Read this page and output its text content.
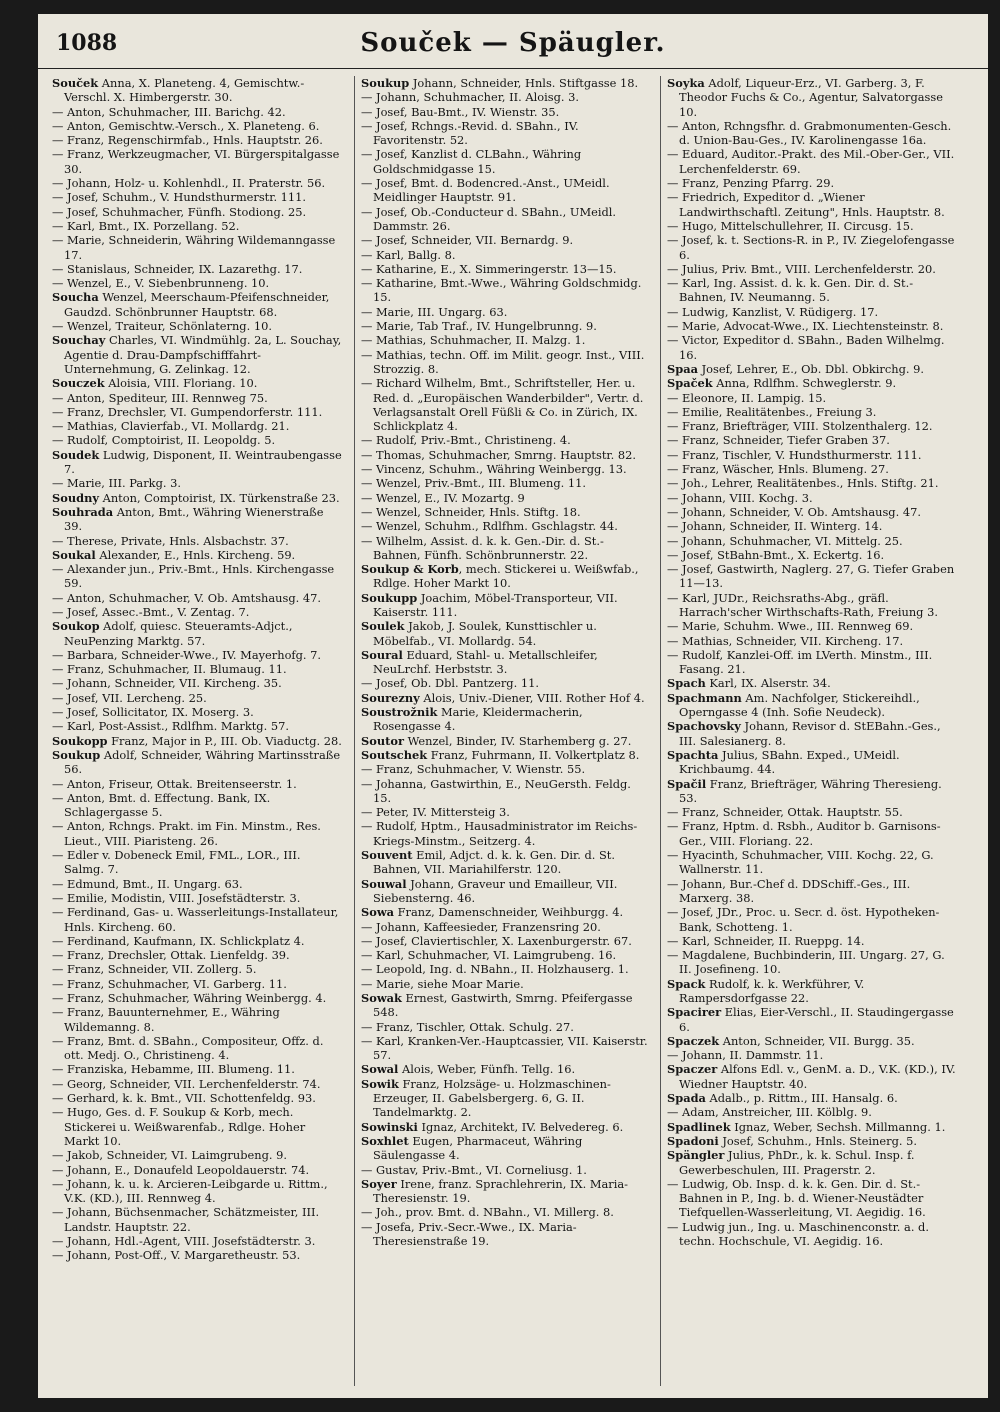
1088	Souček — Späugler.
Souček Anna, X. Planeteng. 4, Gemischtw.-Verschl. X. Himbergerstr. 30.
— Anton, Schuhmacher, III. Barichg. 42.
— Anton, Gemischtw.-Versch., X. Planeteng. 6.
— Franz, Regenschirmfab., Hnls. Hauptstr. 26.
— Franz, Werkzeugmacher, VI. Bürgerspitalgasse 30.
— Johann, Holz- u. Kohlenhdl., II. Praterstr. 56.
— Josef, Schuhm., V. Hundsthurmerstr. 111.
— Josef, Schuhmacher, Fünfh. Stodiong. 25.
— Karl, Bmt., IX. Porzellang. 52.
— Marie, Schneiderin, Währing Wildemanngasse 17.
— Stanislaus, Schneider, IX. Lazarethg. 17.
— Wenzel, E., V. Siebenbrunneng. 10.
Soucha Wenzel, Meerschaum-Pfeifenschneider, Gaudzd. Schönbrunner Hauptstr. 68.
— Wenzel, Traiteur, Schönlaterng. 10.
Souchay Charles, VI. Windmühlg. 2a, L. Souchay, Agentie d. Drau-Dampfschifffahrt-Unternehmung, G. Zelinkag. 12.
Souczek Aloisia, VIII. Floriang. 10.
— Anton, Spediteur, III. Rennweg 75.
— Franz, Drechsler, VI. Gumpendorferstr. 111.
— Mathias, Clavierfab., VI. Mollardg. 21.
— Rudolf, Comptoirist, II. Leopoldg. 5.
Soudek Ludwig, Disponent, II. Weintraubengasse 7.
— Marie, III. Parkg. 3.
Soudny Anton, Comptoirist, IX. Türkenstraße 23.
Souhrada Anton, Bmt., Währing Wienerstraße 39.
— Therese, Private, Hnls. Alsbachstr. 37.
Soukal Alexander, E., Hnls. Kircheng. 59.
— Alexander jun., Priv.-Bmt., Hnls. Kirchengasse 59.
— Anton, Schuhmacher, V. Ob. Amtshausg. 47.
— Josef, Assec.-Bmt., V. Zentag. 7.
Soukop Adolf, quiesc. Steueramts-Adjct., NeuPenzing Marktg. 57.
— Barbara, Schneider-Wwe., IV. Mayerhofg. 7.
— Franz, Schuhmacher, II. Blumaug. 11.
— Johann, Schneider, VII. Kircheng. 35.
— Josef, VII. Lercheng. 25.
— Josef, Sollicitator, IX. Moserg. 3.
— Karl, Post-Assist., Rdlfhm. Marktg. 57.
Soukopp Franz, Major in P., III. Ob. Viaductg. 28.
Soukup Adolf, Schneider, Währing Martinsstraße 56.
— Anton, Friseur, Ottak. Breitenseerstr. 1.
— Anton, Bmt. d. Effectung. Bank, IX. Schlagergasse 5.
— Anton, Rchngs. Prakt. im Fin. Minstm., Res. Lieut., VIII. Piaristeng. 26.
— Edler v. Dobeneck Emil, FML., LOR., III. Salmg. 7.
— Edmund, Bmt., II. Ungarg. 63.
— Emilie, Modistin, VIII. Josefstädterstr. 3.
— Ferdinand, Gas- u. Wasserleitungs-Installateur, Hnls. Kircheng. 60.
— Ferdinand, Kaufmann, IX. Schlickplatz 4.
— Franz, Drechsler, Ottak. Lienfeldg. 39.
— Franz, Schneider, VII. Zollerg. 5.
— Franz, Schuhmacher, VI. Garberg. 11.
— Franz, Schuhmacher, Währing Weinbergg. 4.
— Franz, Bauunternehmer, E., Währing Wildemanng. 8.
— Franz, Bmt. d. SBahn., Compositeur, Offz. d. ott. Medj. O., Christineng. 4.
— Franziska, Hebamme, III. Blumeng. 11.
— Georg, Schneider, VII. Lerchenfelderstr. 74.
— Gerhard, k. k. Bmt., VII. Schottenfeldg. 93.
— Hugo, Ges. d. F. Soukup & Korb, mech. Stickerei u. Weißwarenfab., Rdlge. Hoher Markt 10.
— Jakob, Schneider, VI. Laimgrubeng. 9.
— Johann, E., Donaufeld Leopoldauerstr. 74.
— Johann, k. u. k. Arcieren-Leibgarde u. Rittm., V.K. (KD.), III. Rennweg 4.
— Johann, Büchsenmacher, Schätzmeister, III. Landstr. Hauptstr. 22.
— Johann, Hdl.-Agent, VIII. Josefstädterstr. 3.
— Johann, Post-Off., V. Margaretheustr. 53.
Soukup Johann, Schneider, Hnls. Stiftgasse 18.
— Johann, Schuhmacher, II. Aloisg. 3.
— Josef, Bau-Bmt., IV. Wienstr. 35.
— Josef, Rchngs.-Revid. d. SBahn., IV. Favoritenstr. 52.
— Josef, Kanzlist d. CLBahn., Währing Goldschmidgasse 15.
— Josef, Bmt. d. Bodencred.-Anst., UMeidl. Meidlinger Hauptstr. 91.
— Josef, Ob.-Conducteur d. SBahn., UMeidl. Dammstr. 26.
— Josef, Schneider, VII. Bernardg. 9.
— Karl, Ballg. 8.
— Katharine, E., X. Simmeringerstr. 13—15.
— Katharine, Bmt.-Wwe., Währing Goldschmidg. 15.
— Marie, III. Ungarg. 63.
— Marie, Tab Traf., IV. Hungelbrunng. 9.
— Mathias, Schuhmacher, II. Malzg. 1.
— Mathias, techn. Off. im Milit. geogr. Inst., VIII. Strozzig. 8.
— Richard Wilhelm, Bmt., Schriftsteller, Her. u. Red. d. „Europäischen Wanderbilder", Vertr. d. Verlagsanstalt Orell Füßli & Co. in Zürich, IX. Schlickplatz 4.
— Rudolf, Priv.-Bmt., Christineng. 4.
— Thomas, Schuhmacher, Smrng. Hauptstr. 82.
— Vincenz, Schuhm., Währing Weinbergg. 13.
— Wenzel, Priv.-Bmt., III. Blumeng. 11.
— Wenzel, E., IV. Mozartg. 9
— Wenzel, Schneider, Hnls. Stiftg. 18.
— Wenzel, Schuhm., Rdlfhm. Gschlagstr. 44.
— Wilhelm, Assist. d. k. k. Gen.-Dir. d. St.-Bahnen, Fünfh. Schönbrunnerstr. 22.
Soukup & Korb, mech. Stickerei u. Weißwfab., Rdlge. Hoher Markt 10.
Soukupp Joachim, Möbel-Transporteur, VII. Kaiserstr. 111.
Soulek Jakob, J. Soulek, Kunsttischler u. Möbelfab., VI. Mollardg. 54.
Soural Eduard, Stahl- u. Metallschleifer, NeuLrchf. Herbststr. 3.
— Josef, Ob. Dbl. Pantzerg. 11.
Sourezny Alois, Univ.-Diener, VIII. Rother Hof 4.
Soustrožnik Marie, Kleidermacherin, Rosengasse 4.
Soutor Wenzel, Binder, IV. Starhemberg g. 27.
Soutschek Franz, Fuhrmann, II. Volkertplatz 8.
— Franz, Schuhmacher, V. Wienstr. 55.
— Johanna, Gastwirthin, E., NeuGersth. Feldg. 15.
— Peter, IV. Mittersteig 3.
— Rudolf, Hptm., Hausadministrator im Reichs-Kriegs-Minstm., Seitzerg. 4.
Souvent Emil, Adjct. d. k. k. Gen. Dir. d. St. Bahnen, VII. Mariahilferstr. 120.
Souwal Johann, Graveur und Emailleur, VII. Siebensterng. 46.
Sowa Franz, Damenschneider, Weihburgg. 4.
— Johann, Kaffeesieder, Franzensring 20.
— Josef, Claviertischler, X. Laxenburgerstr. 67.
— Karl, Schuhmacher, VI. Laimgrubeng. 16.
— Leopold, Ing. d. NBahn., II. Holzhauserg. 1.
— Marie, siehe Moar Marie.
Sowak Ernest, Gastwirth, Smrng. Pfeifergasse 548.
— Franz, Tischler, Ottak. Schulg. 27.
— Karl, Kranken-Ver.-Hauptcassier, VII. Kaiserstr. 57.
Sowal Alois, Weber, Fünfh. Tellg. 16.
Sowik Franz, Holzsäge- u. Holzmaschinen-Erzeuger, II. Gabelsbergerg. 6, G. II. Tandelmarktg. 2.
Sowinski Ignaz, Architekt, IV. Belvedereg. 6.
Soxhlet Eugen, Pharmaceut, Währing Säulengasse 4.
— Gustav, Priv.-Bmt., VI. Corneliusg. 1.
Soyer Irene, franz. Sprachlehrerin, IX. Maria-Theresienstr. 19.
— Joh., prov. Bmt. d. NBahn., VI. Millerg. 8.
— Josefa, Priv.-Secr.-Wwe., IX. Maria-Theresienstraße 19.
Soyka Adolf, Liqueur-Erz., VI. Garberg. 3, F. Theodor Fuchs & Co., Agentur, Salvatorgasse 10.
— Anton, Rchngsfhr. d. Grabmonumenten-Gesch. d. Union-Bau-Ges., IV. Karolinengasse 16a.
— Eduard, Auditor.-Prakt. des Mil.-Ober-Ger., VII. Lerchenfelderstr. 69.
— Franz, Penzing Pfarrg. 29.
— Friedrich, Expeditor d. „Wiener Landwirthschaftl. Zeitung", Hnls. Hauptstr. 8.
— Hugo, Mittelschullehrer, II. Circusg. 15.
— Josef, k. t. Sections-R. in P., IV. Ziegelofengasse 6.
— Julius, Priv. Bmt., VIII. Lerchenfelderstr. 20.
— Karl, Ing. Assist. d. k. k. Gen. Dir. d. St.-Bahnen, IV. Neumanng. 5.
— Ludwig, Kanzlist, V. Rüdigerg. 17.
— Marie, Advocat-Wwe., IX. Liechtensteinstr. 8.
— Victor, Expeditor d. SBahn., Baden Wilhelmg. 16.
Spaa Josef, Lehrer, E., Ob. Dbl. Obkirchg. 9.
Spaček Anna, Rdlfhm. Schweglerstr. 9.
— Eleonore, II. Lampig. 15.
— Emilie, Realitätenbes., Freiung 3.
— Franz, Briefträger, VIII. Stolzenthalerg. 12.
— Franz, Schneider, Tiefer Graben 37.
— Franz, Tischler, V. Hundsthurmerstr. 111.
— Franz, Wäscher, Hnls. Blumeng. 27.
— Joh., Lehrer, Realitätenbes., Hnls. Stiftg. 21.
— Johann, VIII. Kochg. 3.
— Johann, Schneider, V. Ob. Amtshausg. 47.
— Johann, Schneider, II. Winterg. 14.
— Johann, Schuhmacher, VI. Mittelg. 25.
— Josef, StBahn-Bmt., X. Eckertg. 16.
— Josef, Gastwirth, Naglerg. 27, G. Tiefer Graben 11—13.
— Karl, JUDr., Reichsraths-Abg., gräfl. Harrach'scher Wirthschafts-Rath, Freiung 3.
— Marie, Schuhm. Wwe., III. Rennweg 69.
— Mathias, Schneider, VII. Kircheng. 17.
— Rudolf, Kanzlei-Off. im LVerth. Minstm., III. Fasang. 21.
Spach Karl, IX. Alserstr. 34.
Spachmann Am. Nachfolger, Stickereihdl., Operngasse 4 (Inh. Sofie Neudeck).
Spachovsky Johann, Revisor d. StEBahn.-Ges., III. Salesianerg. 8.
Spachta Julius, SBahn. Exped., UMeidl. Krichbaumg. 44.
Spačil Franz, Briefträger, Währing Theresieng. 53.
— Franz, Schneider, Ottak. Hauptstr. 55.
— Franz, Hptm. d. Rsbh., Auditor b. Garnisons-Ger., VIII. Floriang. 22.
— Hyacinth, Schuhmacher, VIII. Kochg. 22, G. Wallnerstr. 11.
— Johann, Bur.-Chef d. DDSchiff.-Ges., III. Marxerg. 38.
— Josef, JDr., Proc. u. Secr. d. öst. Hypotheken-Bank, Schotteng. 1.
— Karl, Schneider, II. Rueppg. 14.
— Magdalene, Buchbinderin, III. Ungarg. 27, G. II. Josefineng. 10.
Spack Rudolf, k. k. Werkführer, V. Rampersdorfgasse 22.
Spacirer Elias, Eier-Verschl., II. Staudingergasse 6.
Spaczek Anton, Schneider, VII. Burgg. 35.
— Johann, II. Dammstr. 11.
Spaczer Alfons Edl. v., GenM. a. D., V.K. (KD.), IV. Wiedner Hauptstr. 40.
Spada Adalb., p. Rittm., III. Hansalg. 6.
— Adam, Anstreicher, III. Kölblg. 9.
Spadlinek Ignaz, Weber, Sechsh. Millmanng. 1.
Spadoni Josef, Schuhm., Hnls. Steinerg. 5.
Spängler Julius, PhDr., k. k. Schul. Insp. f. Gewerbeschulen, III. Pragerstr. 2.
— Ludwig, Ob. Insp. d. k. k. Gen. Dir. d. St.-Bahnen in P., Ing. b. d. Wiener-Neustädter Tiefquellen-Wasserleitung, VI. Aegidig. 16.
— Ludwig jun., Ing. u. Maschinenconstr. a. d. techn. Hochschule, VI. Aegidig. 16.
